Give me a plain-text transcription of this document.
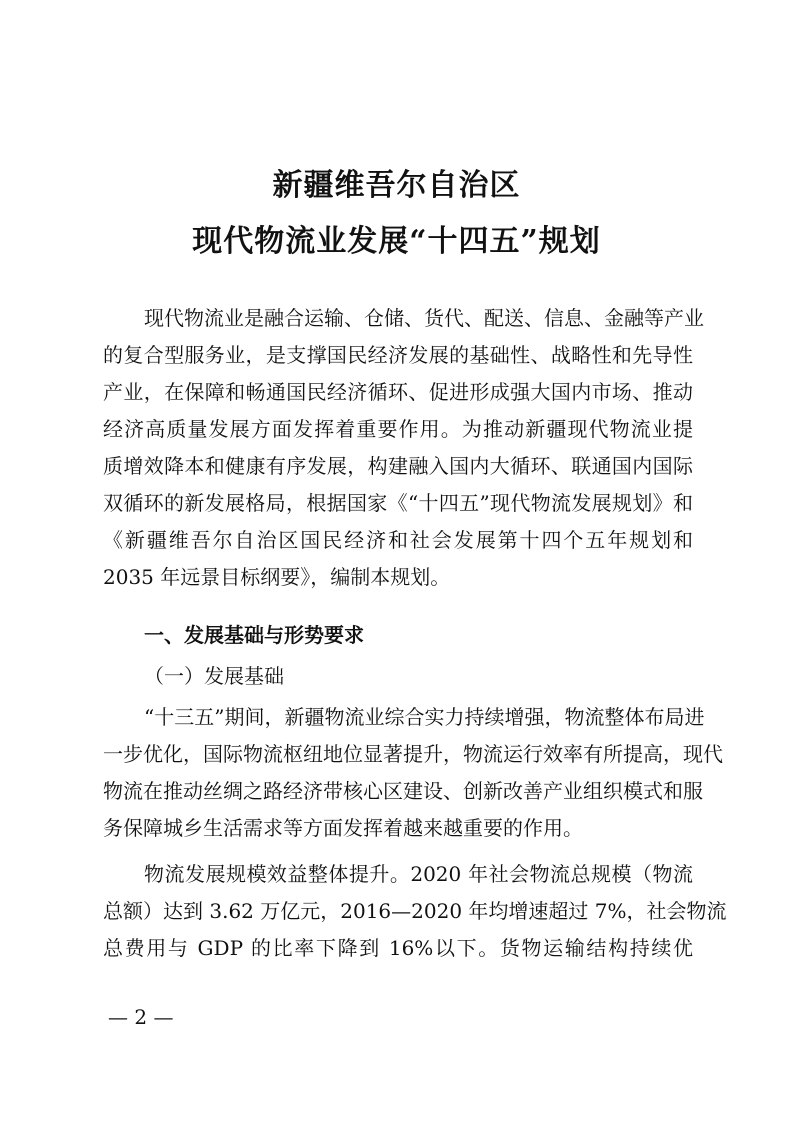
新疆维吾尔自治区
现代物流业发展“十四五”规划
现代物流业是融合运输、仓储、货代、配送、信息、金融等产业
的复合型服务业，是支撑国民经济发展的基础性、战略性和先导性
产业，在保障和畅通国民经济循环、促进形成强大国内市场、推动
经济高质量发展方面发挥着重要作用。为推动新疆现代物流业提
质增效降本和健康有序发展，构建融入国内大循环、联通国内国际
双循环的新发展格局，根据国家《“十四五”现代物流发展规划》和
《新疆维吾尔自治区国民经济和社会发展第十四个五年规划和
2035 年远景目标纲要》，编制本规划。
一、发展基础与形势要求
（一）发展基础
“十三五”期间，新疆物流业综合实力持续增强，物流整体布局进
一步优化，国际物流枢纽地位显著提升，物流运行效率有所提高，现代
物流在推动丝绸之路经济带核心区建设、创新改善产业组织模式和服
务保障城乡生活需求等方面发挥着越来越重要的作用。
物流发展规模效益整体提升。2020 年社会物流总规模（物流
总额）达到 3.62 万亿元，2016—2020 年均增速超过 7%，社会物流
总费用与 GDP 的比率下降到 16%以下。货物运输结构持续优
— 2 —
